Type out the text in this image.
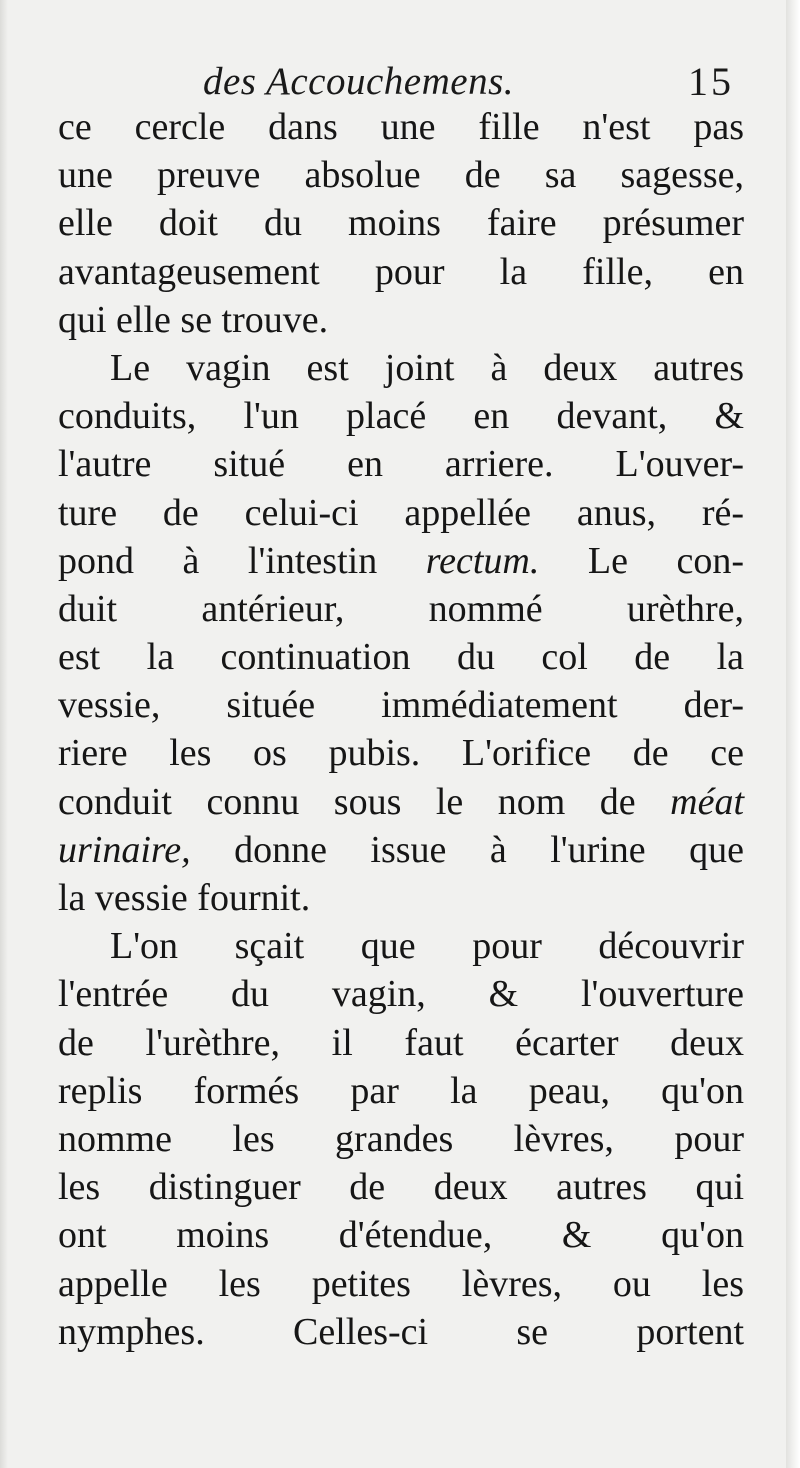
des Accouchemens.	15
ce cercle dans une fille n'est pas
une preuve absolue de sa sagesse,
elle doit du moins faire présumer
avantageusement pour la fille, en
qui elle se trouve.
Le vagin est joint à deux autres
conduits, l'un placé en devant, &
l'autre situé en arriere. L'ouver-
ture de celui-ci appellée anus, ré-
pond à l'intestin rectum. Le con-
duit antérieur, nommé urèthre,
est la continuation du col de la
vessie, située immédiatement der-
riere les os pubis. L'orifice de ce
conduit connu sous le nom de méat
urinaire, donne issue à l'urine que
la vessie fournit.
L'on sçait que pour découvrir
l'entrée du vagin, & l'ouverture
de l'urèthre, il faut écarter deux
replis formés par la peau, qu'on
nomme les grandes lèvres, pour
les distinguer de deux autres qui
ont moins d'étendue, & qu'on
appelle les petites lèvres, ou les
nymphes. Celles-ci se portent
